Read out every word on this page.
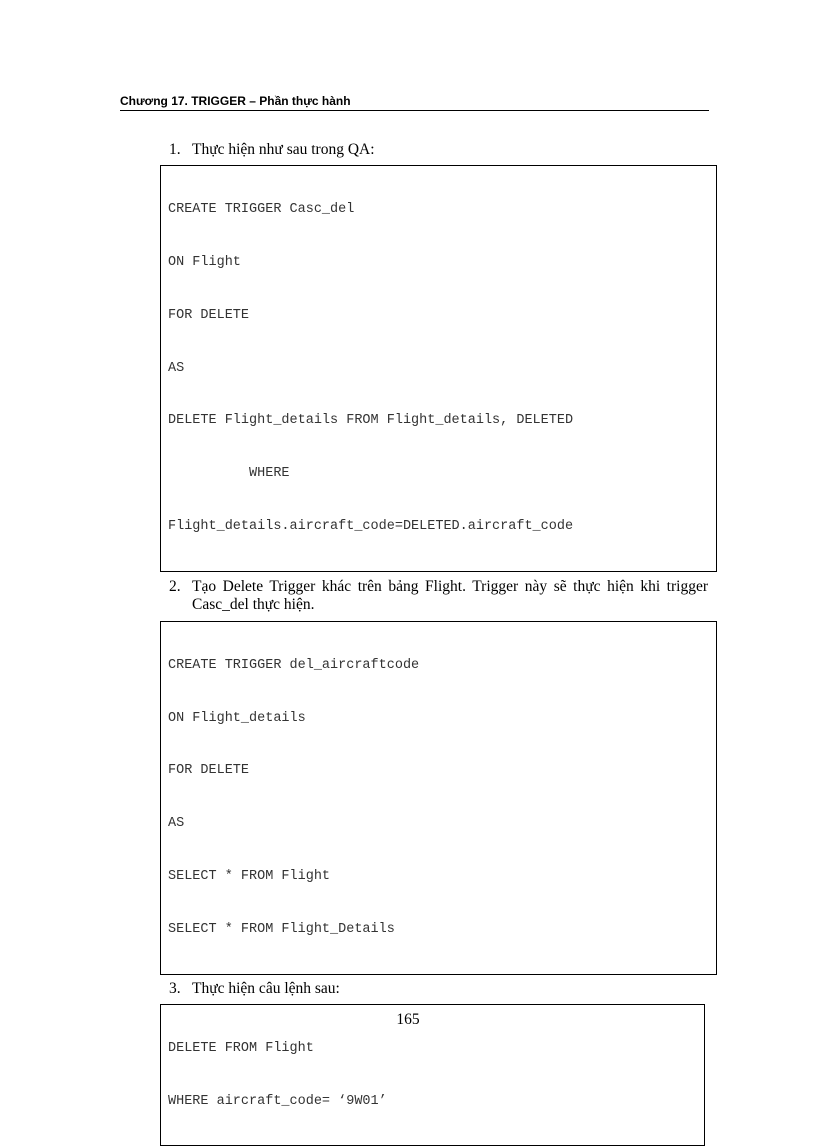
Chương 17. TRIGGER – Phần thực hành
1. Thực hiện như sau trong QA:

CREATE TRIGGER Casc_del

ON Flight

FOR DELETE

AS

DELETE Flight_details FROM Flight_details, DELETED

WHERE

Flight_details.aircraft_code=DELETED.aircraft_code

2. Tạo Delete Trigger khác trên bảng Flight. Trigger này sẽ thực hiện khi trigger Casc_del thực hiện.

CREATE TRIGGER del_aircraftcode

ON Flight_details

FOR DELETE

AS

SELECT * FROM Flight

SELECT * FROM Flight_Details

3. Thực hiện câu lệnh sau:

DELETE FROM Flight

WHERE aircraft_code= ‘9W01’

165
